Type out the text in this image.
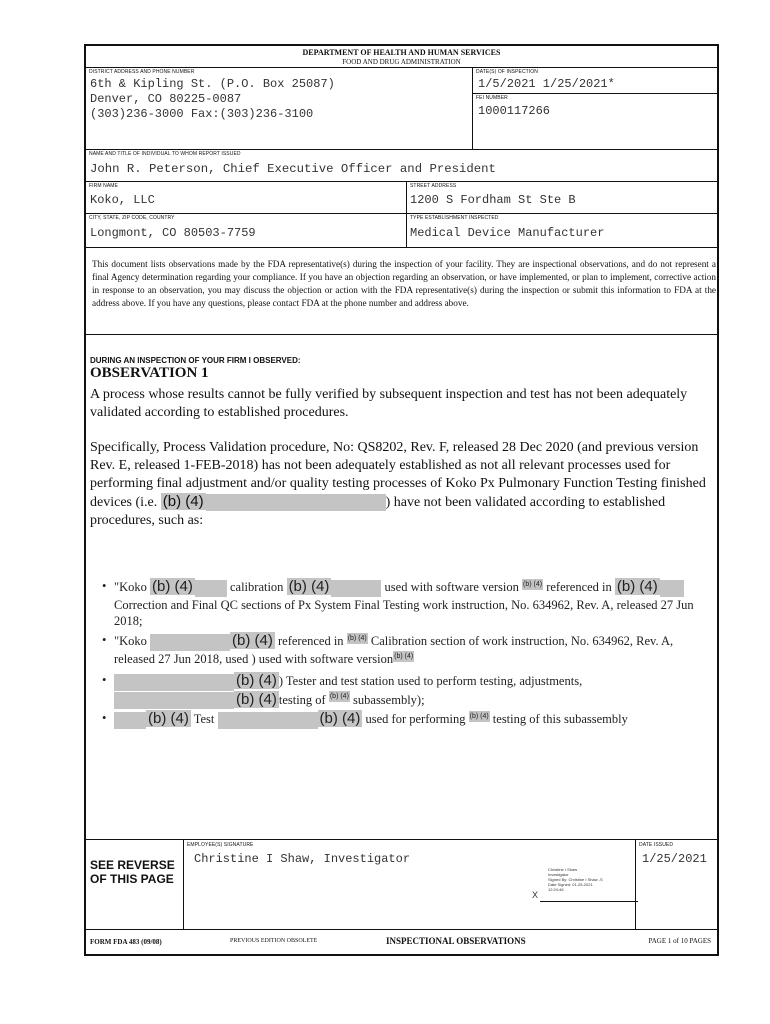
DEPARTMENT OF HEALTH AND HUMAN SERVICES
FOOD AND DRUG ADMINISTRATION
DISTRICT ADDRESS AND PHONE NUMBER
6th & Kipling St. (P.O. Box 25087)
Denver, CO 80225-0087
(303)236-3000 Fax:(303)236-3100
DATE(S) OF INSPECTION
1/5/2021 1/25/2021*
FEI NUMBER
1000117266
NAME AND TITLE OF INDIVIDUAL TO WHOM REPORT ISSUED
John R. Peterson, Chief Executive Officer and President
FIRM NAME
Koko, LLC
STREET ADDRESS
1200 S Fordham St Ste B
CITY, STATE, ZIP CODE, COUNTRY
Longmont, CO 80503-7759
TYPE ESTABLISHMENT INSPECTED
Medical Device Manufacturer
This document lists observations made by the FDA representative(s) during the inspection of your facility. They are inspectional observations, and do not represent a final Agency determination regarding your compliance. If you have an objection regarding an observation, or have implemented, or plan to implement, corrective action in response to an observation, you may discuss the objection or action with the FDA representative(s) during the inspection or submit this information to FDA at the address above. If you have any questions, please contact FDA at the phone number and address above.
DURING AN INSPECTION OF YOUR FIRM I OBSERVED:
OBSERVATION 1
A process whose results cannot be fully verified by subsequent inspection and test has not been adequately validated according to established procedures.
Specifically, Process Validation procedure, No: QS8202, Rev. F, released 28 Dec 2020 (and previous version Rev. E, released 1-FEB-2018) has not been adequately established as not all relevant processes used for performing final adjustment and/or quality testing processes of Koko Px Pulmonary Function Testing finished devices (i.e. (b) (4)	) have not been validated according to established procedures, such as:
• "Koko (b) (4)	calibration (b) (4)	used with software version (b) (4) referenced in (b) (4) Correction and Final QC sections of Px System Final Testing work instruction, No. 634962, Rev. A, released 27 Jun 2018;
• "Koko	(b) (4) referenced in (b) (4) Calibration section of work instruction, No. 634962, Rev. A, released 27 Jun 2018, used ) used with software version(b) (4)
•	(b) (4) ) Tester and test station used to perform testing, adjustments,
(b) (4) testing of (b) (4) subassembly);
•	(b) (4) Test	(b) (4) used for performing (b) (4) testing of this subassembly
SEE REVERSE OF THIS PAGE
EMPLOYEE(S) SIGNATURE
Christine I Shaw, Investigator
Christine I Shaw
Investigator
Signed By: Christine I Shaw -S
Date Signed: 01-25-2021
12:24:46
X
DATE ISSUED
1/25/2021
FORM FDA 483 (09/08)	PREVIOUS EDITION OBSOLETE	INSPECTIONAL OBSERVATIONS	PAGE 1 of 10 PAGES
